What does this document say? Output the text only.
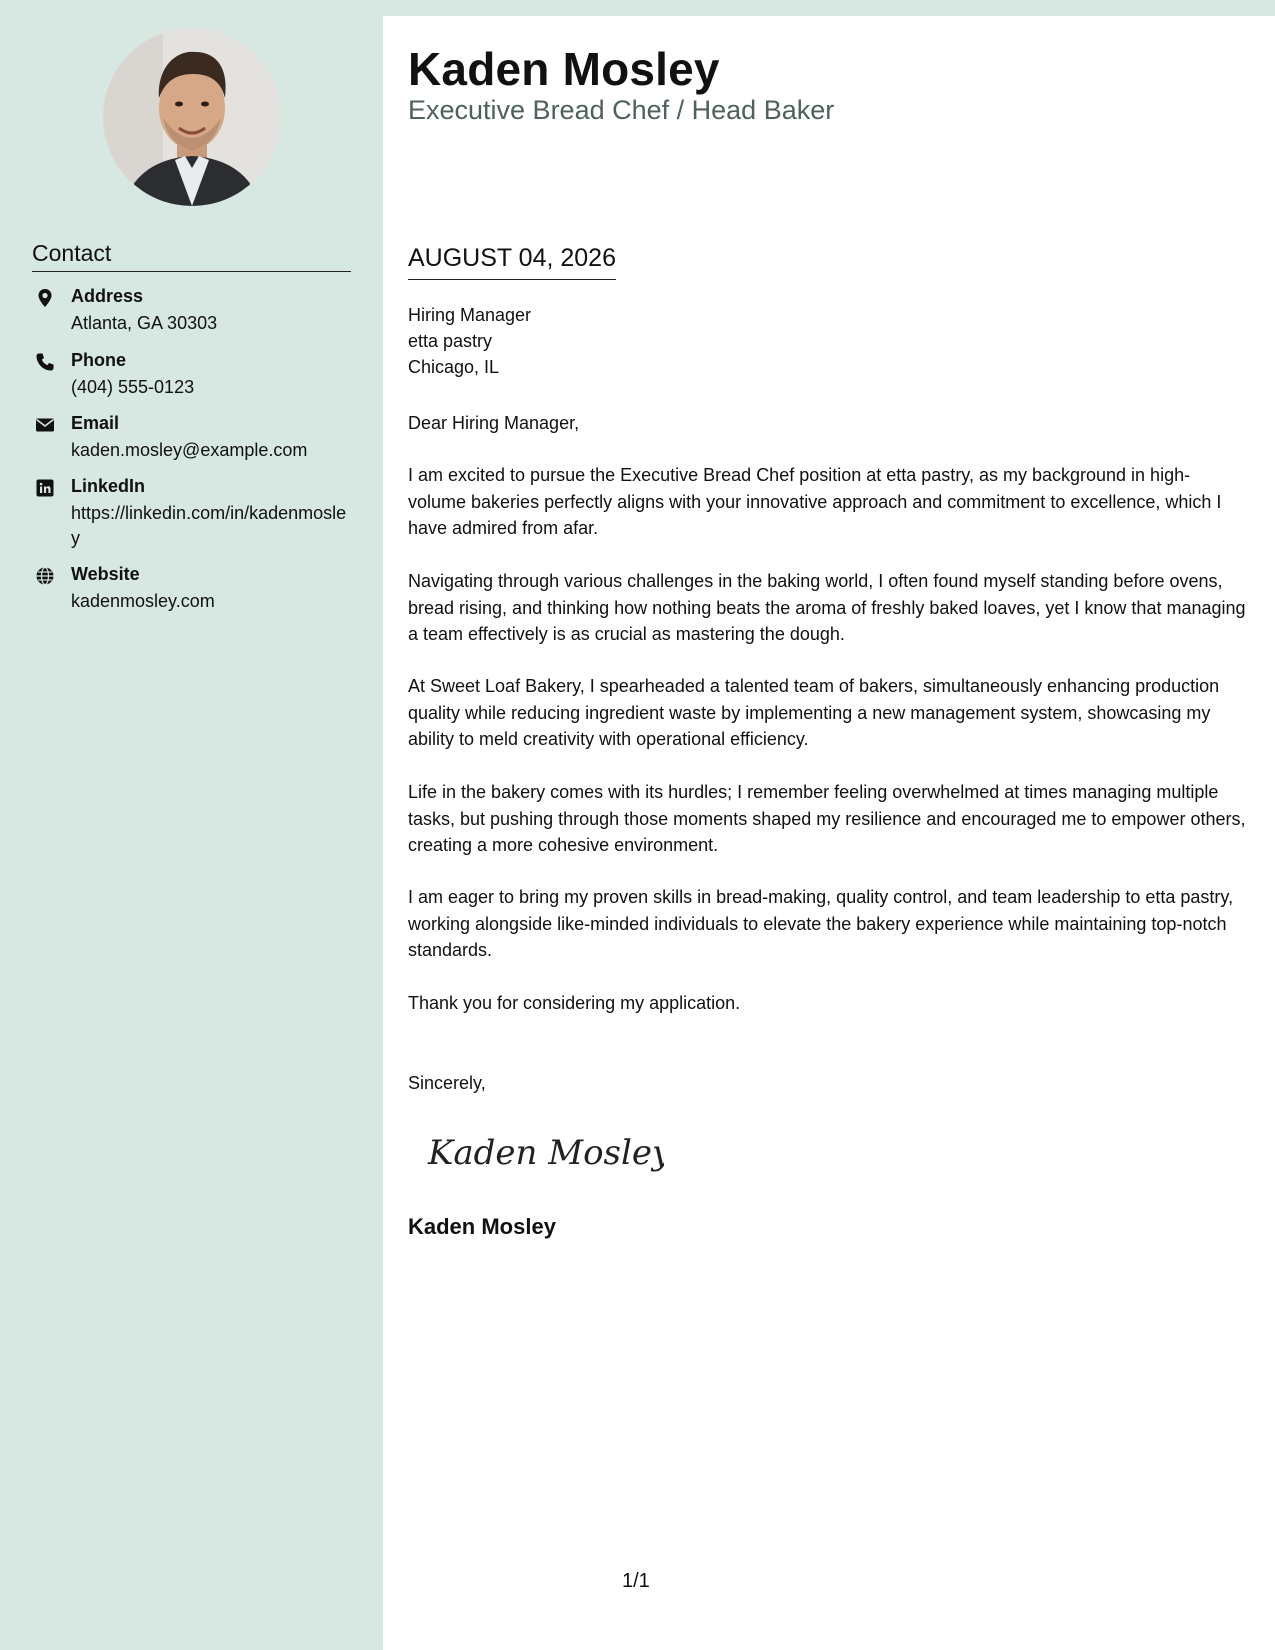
Contact
Address
Atlanta, GA 30303
Phone
(404) 555-0123
Email
kaden.mosley@example.com
LinkedIn
https://linkedin.com/in/kadenmosley
Website
kadenmosley.com
Kaden Mosley
Executive Bread Chef / Head Baker
AUGUST 04, 2026
Hiring Manager
etta pastry
Chicago, IL
Dear Hiring Manager,
I am excited to pursue the Executive Bread Chef position at etta pastry, as my background in high-volume bakeries perfectly aligns with your innovative approach and commitment to excellence, which I have admired from afar.
Navigating through various challenges in the baking world, I often found myself standing before ovens, bread rising, and thinking how nothing beats the aroma of freshly baked loaves, yet I know that managing a team effectively is as crucial as mastering the dough.
At Sweet Loaf Bakery, I spearheaded a talented team of bakers, simultaneously enhancing production quality while reducing ingredient waste by implementing a new management system, showcasing my ability to meld creativity with operational efficiency.
Life in the bakery comes with its hurdles; I remember feeling overwhelmed at times managing multiple tasks, but pushing through those moments shaped my resilience and encouraged me to empower others, creating a more cohesive environment.
I am eager to bring my proven skills in bread-making, quality control, and team leadership to etta pastry, working alongside like-minded individuals to elevate the bakery experience while maintaining top-notch standards.
Thank you for considering my application.
Sincerely,
Kaden Mosley
Kaden Mosley
1/1
